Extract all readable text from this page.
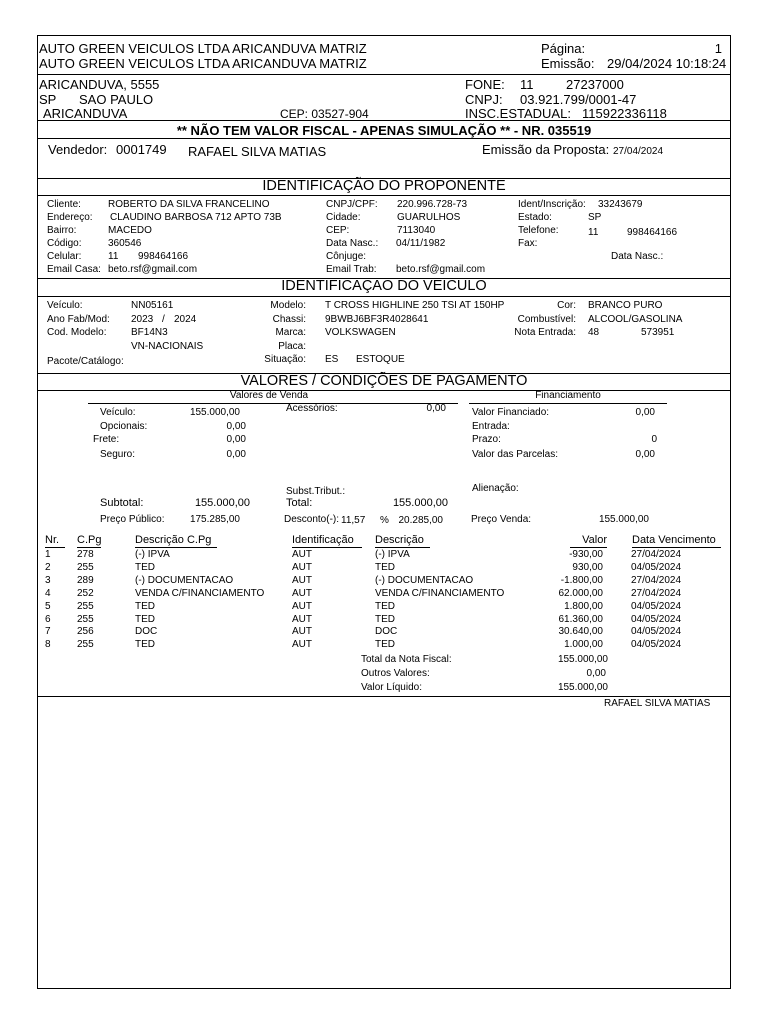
AUTO GREEN VEICULOS LTDA ARICANDUVA MATRIZ
AUTO GREEN VEICULOS LTDA ARICANDUVA MATRIZ
Página:	1
Emissão: 29/04/2024 10:18:24
ARICANDUVA, 5555
SP SAO PAULO
ARICANDUVA	CEP: 03527-904
FONE: 11	27237000
CNPJ: 03.921.799/0001-47
INSC.ESTADUAL: 115922336118
** NÃO TEM VALOR FISCAL - APENAS SIMULAÇÃO ** - NR. 035519
Vendedor: 0001749 RAFAEL SILVA MATIAS	Emissão da Proposta: 27/04/2024
IDENTIFICAÇÃO DO PROPONENTE
Cliente:	ROBERTO DA SILVA FRANCELINO	CNPJ/CPF: 220.996.728-73	Ident/Inscrição: 33243679
Endereço: CLAUDINO BARBOSA 712 APTO 73B	Cidade:	GUARULHOS	Estado:	SP
Bairro:	MACEDO	CEP:	7113040	Telefone:	11	998464166
Código:	360546	Data Nasc.: 04/11/1982	Fax:
Celular:	11 998464166	Cônjuge:	Data Nasc.:
Email Casa: beto.rsf@gmail.com	Email Trab: beto.rsf@gmail.com
IDENTIFICAÇAO DO VEICULO
Veículo:	NN05161	Modelo: T CROSS HIGHLINE 250 TSI AT 150HP	Cor: BRANCO PURO
Ano Fab/Mod: 2023 / 2024	Chassi: 9BWBJ6BF3R4028641	Combustível: ALCOOL/GASOLINA
Cod. Modelo: BF14N3	Marca: VOLKSWAGEN	Nota Entrada: 48	573951
VN-NACIONAIS	Placa:
Pacote/Catálogo:	Situação: ES ESTOQUE
VALORES / CONDIÇÕES DE PAGAMENTO
Valores de Venda	Financiamento
Veículo:	155.000,00	Acessórios:	0,00
Opcionais:	0,00
Frete:	0,00
Seguro:	0,00
Valor Financiado:	0,00
Entrada:
Prazo:	0
Valor das Parcelas:	0,00
Subst.Tribut.:	Alienação:
Subtotal:	155.000,00	Total:	155.000,00
Preço Público:	175.285,00	Desconto(-): 11,57 % 20.285,00	Preço Venda:	155.000,00
Nr. C.Pg	Descrição C.Pg	Identificação Descrição	Valor Data Vencimento
1	278	(-) IPVA	AUT	(-) IPVA	-930,00	27/04/2024
2	255	TED	AUT	TED	930,00	04/05/2024
3	289	(-) DOCUMENTACAO	AUT	(-) DOCUMENTACAO	-1.800,00	27/04/2024
4	252	VENDA C/FINANCIAMENTO	AUT	VENDA C/FINANCIAMENTO	62.000,00	27/04/2024
5	255	TED	AUT	TED	1.800,00	04/05/2024
6	255	TED	AUT	TED	61.360,00	04/05/2024
7	256	DOC	AUT	DOC	30.640,00	04/05/2024
8	255	TED	AUT	TED	1.000,00	04/05/2024
Total da Nota Fiscal:	155.000,00
Outros Valores:	0,00
Valor Líquido:	155.000,00
RAFAEL SILVA MATIAS
